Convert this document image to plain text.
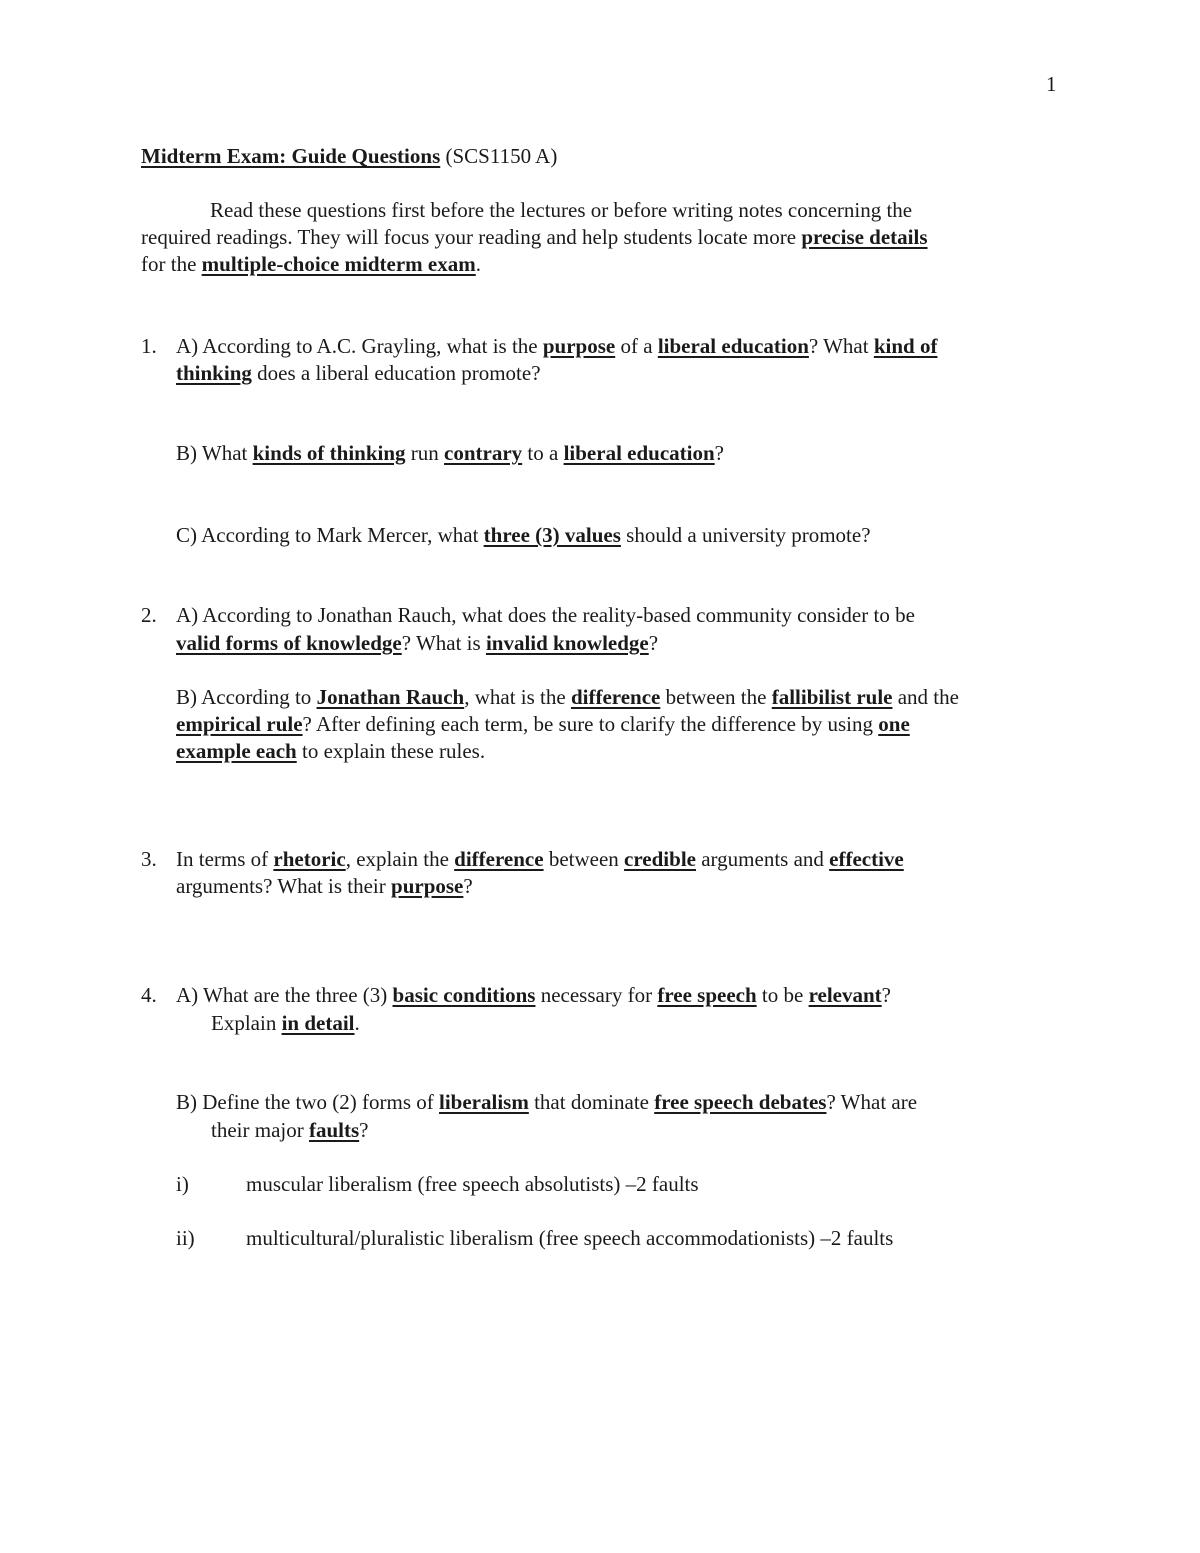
1
Midterm Exam: Guide Questions (SCS1150 A)
Read these questions first before the lectures or before writing notes concerning the
required readings. They will focus your reading and help students locate more precise details
for the multiple-choice midterm exam.
1. A) According to A.C. Grayling, what is the purpose of a liberal education? What kind of
thinking does a liberal education promote?
B) What kinds of thinking run contrary to a liberal education?
C) According to Mark Mercer, what three (3) values should a university promote?
2. A) According to Jonathan Rauch, what does the reality-based community consider to be
valid forms of knowledge? What is invalid knowledge?
B) According to Jonathan Rauch, what is the difference between the fallibilist rule and the
empirical rule? After defining each term, be sure to clarify the difference by using one
example each to explain these rules.
3. In terms of rhetoric, explain the difference between credible arguments and effective
arguments? What is their purpose?
4. A) What are the three (3) basic conditions necessary for free speech to be relevant?
Explain in detail.
B) Define the two (2) forms of liberalism that dominate free speech debates? What are
their major faults?
i)	muscular liberalism (free speech absolutists) –2 faults
ii) multicultural/pluralistic liberalism (free speech accommodationists) –2 faults
